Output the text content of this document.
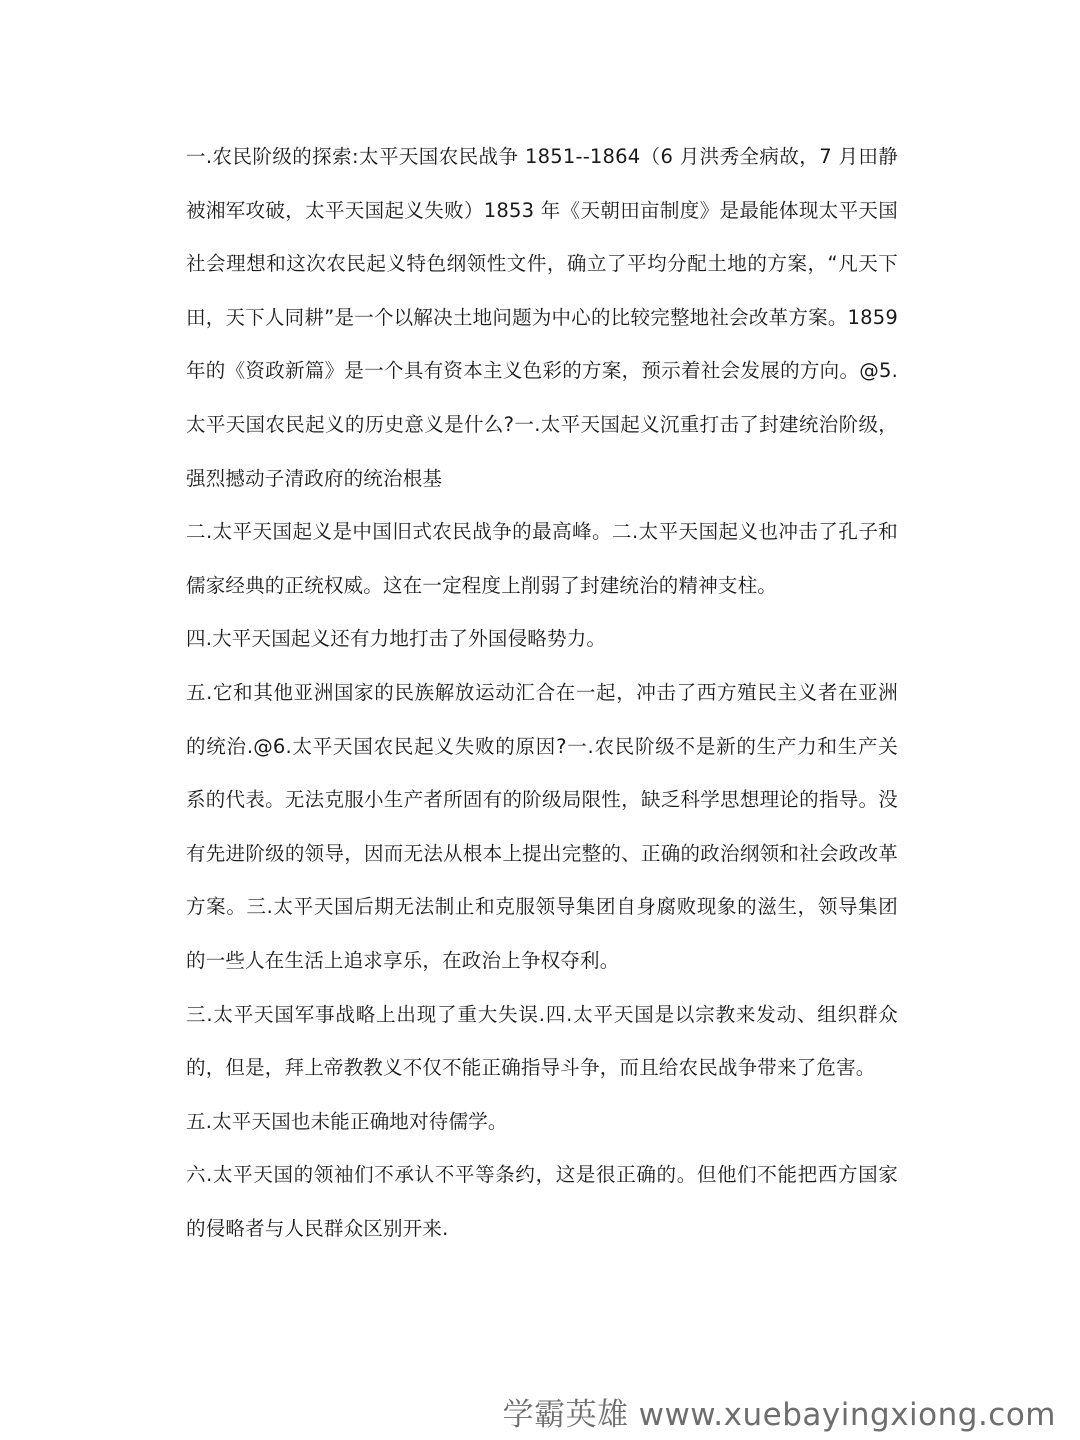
一.农民阶级的探索:太平天国农民战争 1851--1864（6 月洪秀全病故，7 月田静被湘军攻破，太平天国起义失败）1853 年《天朝田亩制度》是最能体现太平天国社会理想和这次农民起义特色纲领性文件，确立了平均分配土地的方案，“凡天下田，天下人同耕”是一个以解决土地问题为中心的比较完整地社会改革方案。1859 年的《资政新篇》是一个具有资本主义色彩的方案，预示着社会发展的方向。@5.太平天国农民起义的历史意义是什么?一.太平天国起义沉重打击了封建统治阶级，强烈撼动子清政府的统治根基

二.太平天国起义是中国旧式农民战争的最高峰。二.太平天国起义也冲击了孔子和儒家经典的正统权威。这在一定程度上削弱了封建统治的精神支柱。

四.大平天国起义还有力地打击了外国侵略势力。

五.它和其他亚洲国家的民族解放运动汇合在一起，冲击了西方殖民主义者在亚洲的统治.@6.太平天国农民起义失败的原因?一.农民阶级不是新的生产力和生产关系的代表。无法克服小生产者所固有的阶级局限性，缺乏科学思想理论的指导。没有先进阶级的领导，因而无法从根本上提出完整的、正确的政治纲领和社会政改革方案。三.太平天国后期无法制止和克服领导集团自身腐败现象的滋生，领导集团的一些人在生活上追求享乐，在政治上争权夺利。

三.太平天国军事战略上出现了重大失误.四.太平天国是以宗教来发动、组织群众的，但是，拜上帝教教义不仅不能正确指导斗争，而且给农民战争带来了危害。

五.太平天国也未能正确地对待儒学。

六.太平天国的领袖们不承认不平等条约，这是很正确的。但他们不能把西方国家的侵略者与人民群众区别开来.

学霸英雄 www.xuebayingxiong.com
